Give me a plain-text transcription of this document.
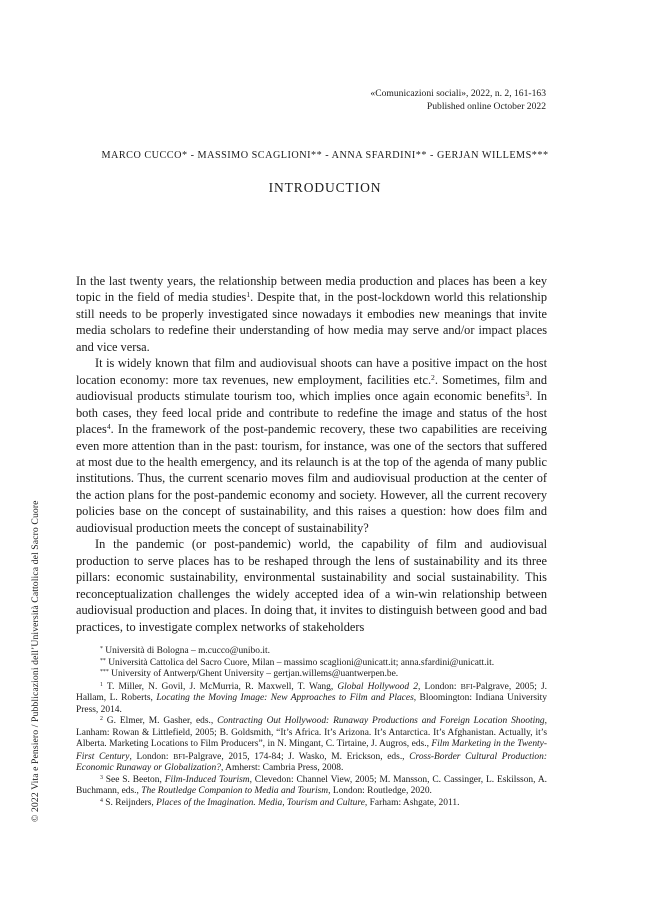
«Comunicazioni sociali», 2022, n. 2, 161-163
Published online October 2022
MARCO CUCCO* - MASSIMO SCAGLIONI** - ANNA SFARDINI** - GERJAN WILLEMS***
INTRODUCTION

In the last twenty years, the relationship between media production and places has been a key topic in the field of media studies$^1$. Despite that, in the post-lockdown world this relationship still needs to be properly investigated since nowadays it embodies new meanings that invite media scholars to redefine their understanding of how media may serve and/or impact places and vice versa.

It is widely known that film and audiovisual shoots can have a positive impact on the host location economy: more tax revenues, new employment, facilities etc.$^2$. Sometimes, film and audiovisual products stimulate tourism too, which implies once again economic benefits$^3$. In both cases, they feed local pride and contribute to redefine the image and status of the host places$^4$. In the framework of the post-pandemic recovery, these two capabilities are receiving even more attention than in the past: tourism, for instance, was one of the sectors that suffered at most due to the health emergency, and its relaunch is at the top of the agenda of many public institutions. Thus, the current scenario moves film and audiovisual production at the center of the action plans for the post-pandemic economy and society. However, all the current recovery policies base on the concept of sustainability, and this raises a question: how does film and audiovisual production meets the concept of sustainability?

In the pandemic (or post-pandemic) world, the capability of film and audiovisual production to serve places has to be reshaped through the lens of sustainability and its three pillars: economic sustainability, environmental sustainability and social sustainability. This reconceptualization challenges the widely accepted idea of a win-win relationship between audiovisual production and places. In doing that, it invites to distinguish between good and bad practices, to investigate complex networks of stakeholders

* Università di Bologna – m.cucco@unibo.it.

** Università Cattolica del Sacro Cuore, Milan – massimo scaglioni@unicatt.it; anna.sfardini@unicatt.it.

*** University of Antwerp/Ghent University – gertjan.willems@uantwerpen.be.

$^1$ T. Miller, N. Govil, J. McMurria, R. Maxwell, T. Wang, Global Hollywood 2, London: BFI-Palgrave, 2005; J. Hallam, L. Roberts, Locating the Moving Image: New Approaches to Film and Places, Bloomington: Indiana University Press, 2014.

$^2$ G. Elmer, M. Gasher, eds., Contracting Out Hollywood: Runaway Productions and Foreign Location Shooting, Lanham: Rowan & Littlefield, 2005; B. Goldsmith, “It’s Africa. It’s Arizona. It’s Antarctica. It’s Afghanistan. Actually, it’s Alberta. Marketing Locations to Film Producers”, in N. Mingant, C. Tirtaine, J. Augros, eds., Film Marketing in the Twenty-First Century, London: BFI-Palgrave, 2015, 174-84; J. Wasko, M. Erickson, eds., Cross-Border Cultural Production: Economic Runaway or Globalization?, Amherst: Cambria Press, 2008.

$^3$ See S. Beeton, Film-Induced Tourism, Clevedon: Channel View, 2005; M. Mansson, C. Cassinger, L. Eskilsson, A. Buchmann, eds., The Routledge Companion to Media and Tourism, London: Routledge, 2020.

$^4$ S. Reijnders, Places of the Imagination. Media, Tourism and Culture, Farham: Ashgate, 2011.

© 2022 Vita e Pensiero / Pubblicazioni dell’Università Cattolica del Sacro Cuore
